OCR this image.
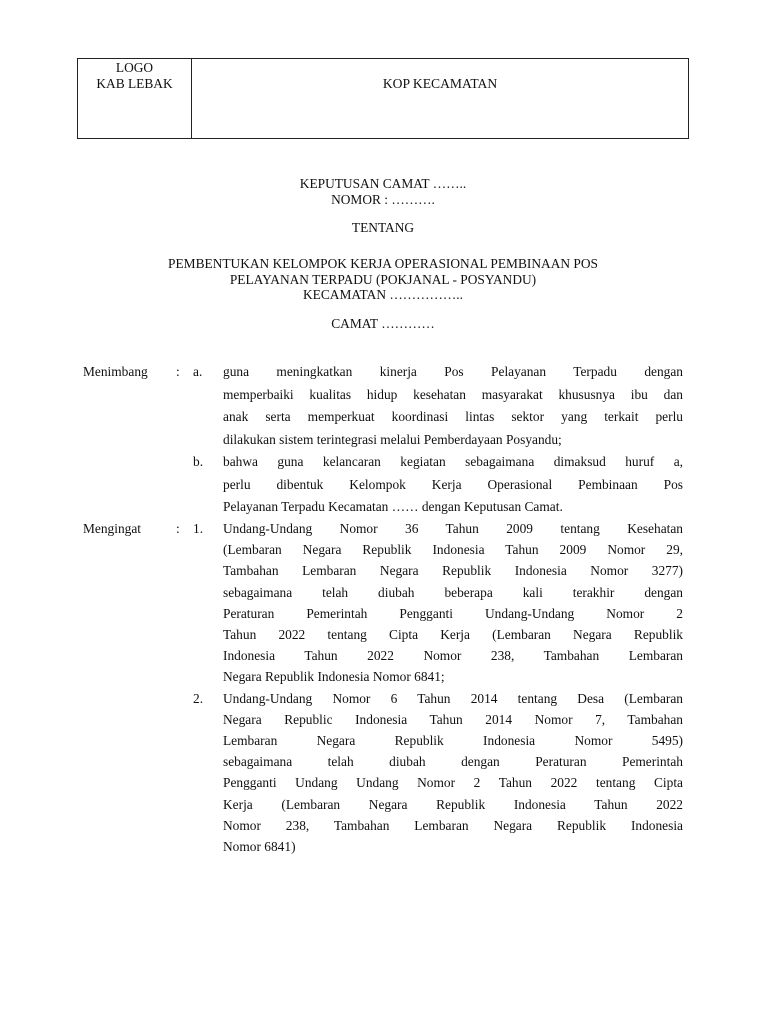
LOGO
KAB LEBAK	KOP KECAMATAN
KEPUTUSAN CAMAT ……..
NOMOR : ……….
TENTANG
PEMBENTUKAN KELOMPOK KERJA OPERASIONAL PEMBINAAN POS
PELAYANAN TERPADU (POKJANAL - POSYANDU)
KECAMATAN ……………..
CAMAT …………
Menimbang	: a.	guna meningkatkan kinerja Pos Pelayanan Terpadu dengan
memperbaiki kualitas hidup kesehatan masyarakat khususnya ibu dan
anak serta memperkuat koordinasi lintas sektor yang terkait perlu
dilakukan sistem terintegrasi melalui Pemberdayaan Posyandu;
b.	bahwa guna kelancaran kegiatan sebagaimana dimaksud huruf a,
perlu dibentuk Kelompok Kerja Operasional Pembinaan Pos
Pelayanan Terpadu Kecamatan …… dengan Keputusan Camat.
Mengingat	: 1.	Undang-Undang Nomor 36 Tahun 2009 tentang Kesehatan
(Lembaran Negara Republik Indonesia Tahun 2009 Nomor 29,
Tambahan Lembaran Negara Republik Indonesia Nomor 3277)
sebagaimana telah diubah beberapa kali terakhir dengan
Peraturan Pemerintah Pengganti Undang-Undang Nomor 2
Tahun 2022 tentang Cipta Kerja (Lembaran Negara Republik
Indonesia Tahun 2022 Nomor 238, Tambahan Lembaran
Negara Republik Indonesia Nomor 6841;
2.	Undang-Undang Nomor 6 Tahun 2014 tentang Desa (Lembaran
Negara Republic Indonesia Tahun 2014 Nomor 7, Tambahan
Lembaran Negara Republik Indonesia Nomor 5495)
sebagaimana telah diubah dengan Peraturan Pemerintah
Pengganti Undang Undang Nomor 2 Tahun 2022 tentang Cipta
Kerja (Lembaran Negara Republik Indonesia Tahun 2022
Nomor 238, Tambahan Lembaran Negara Republik Indonesia
Nomor 6841)
